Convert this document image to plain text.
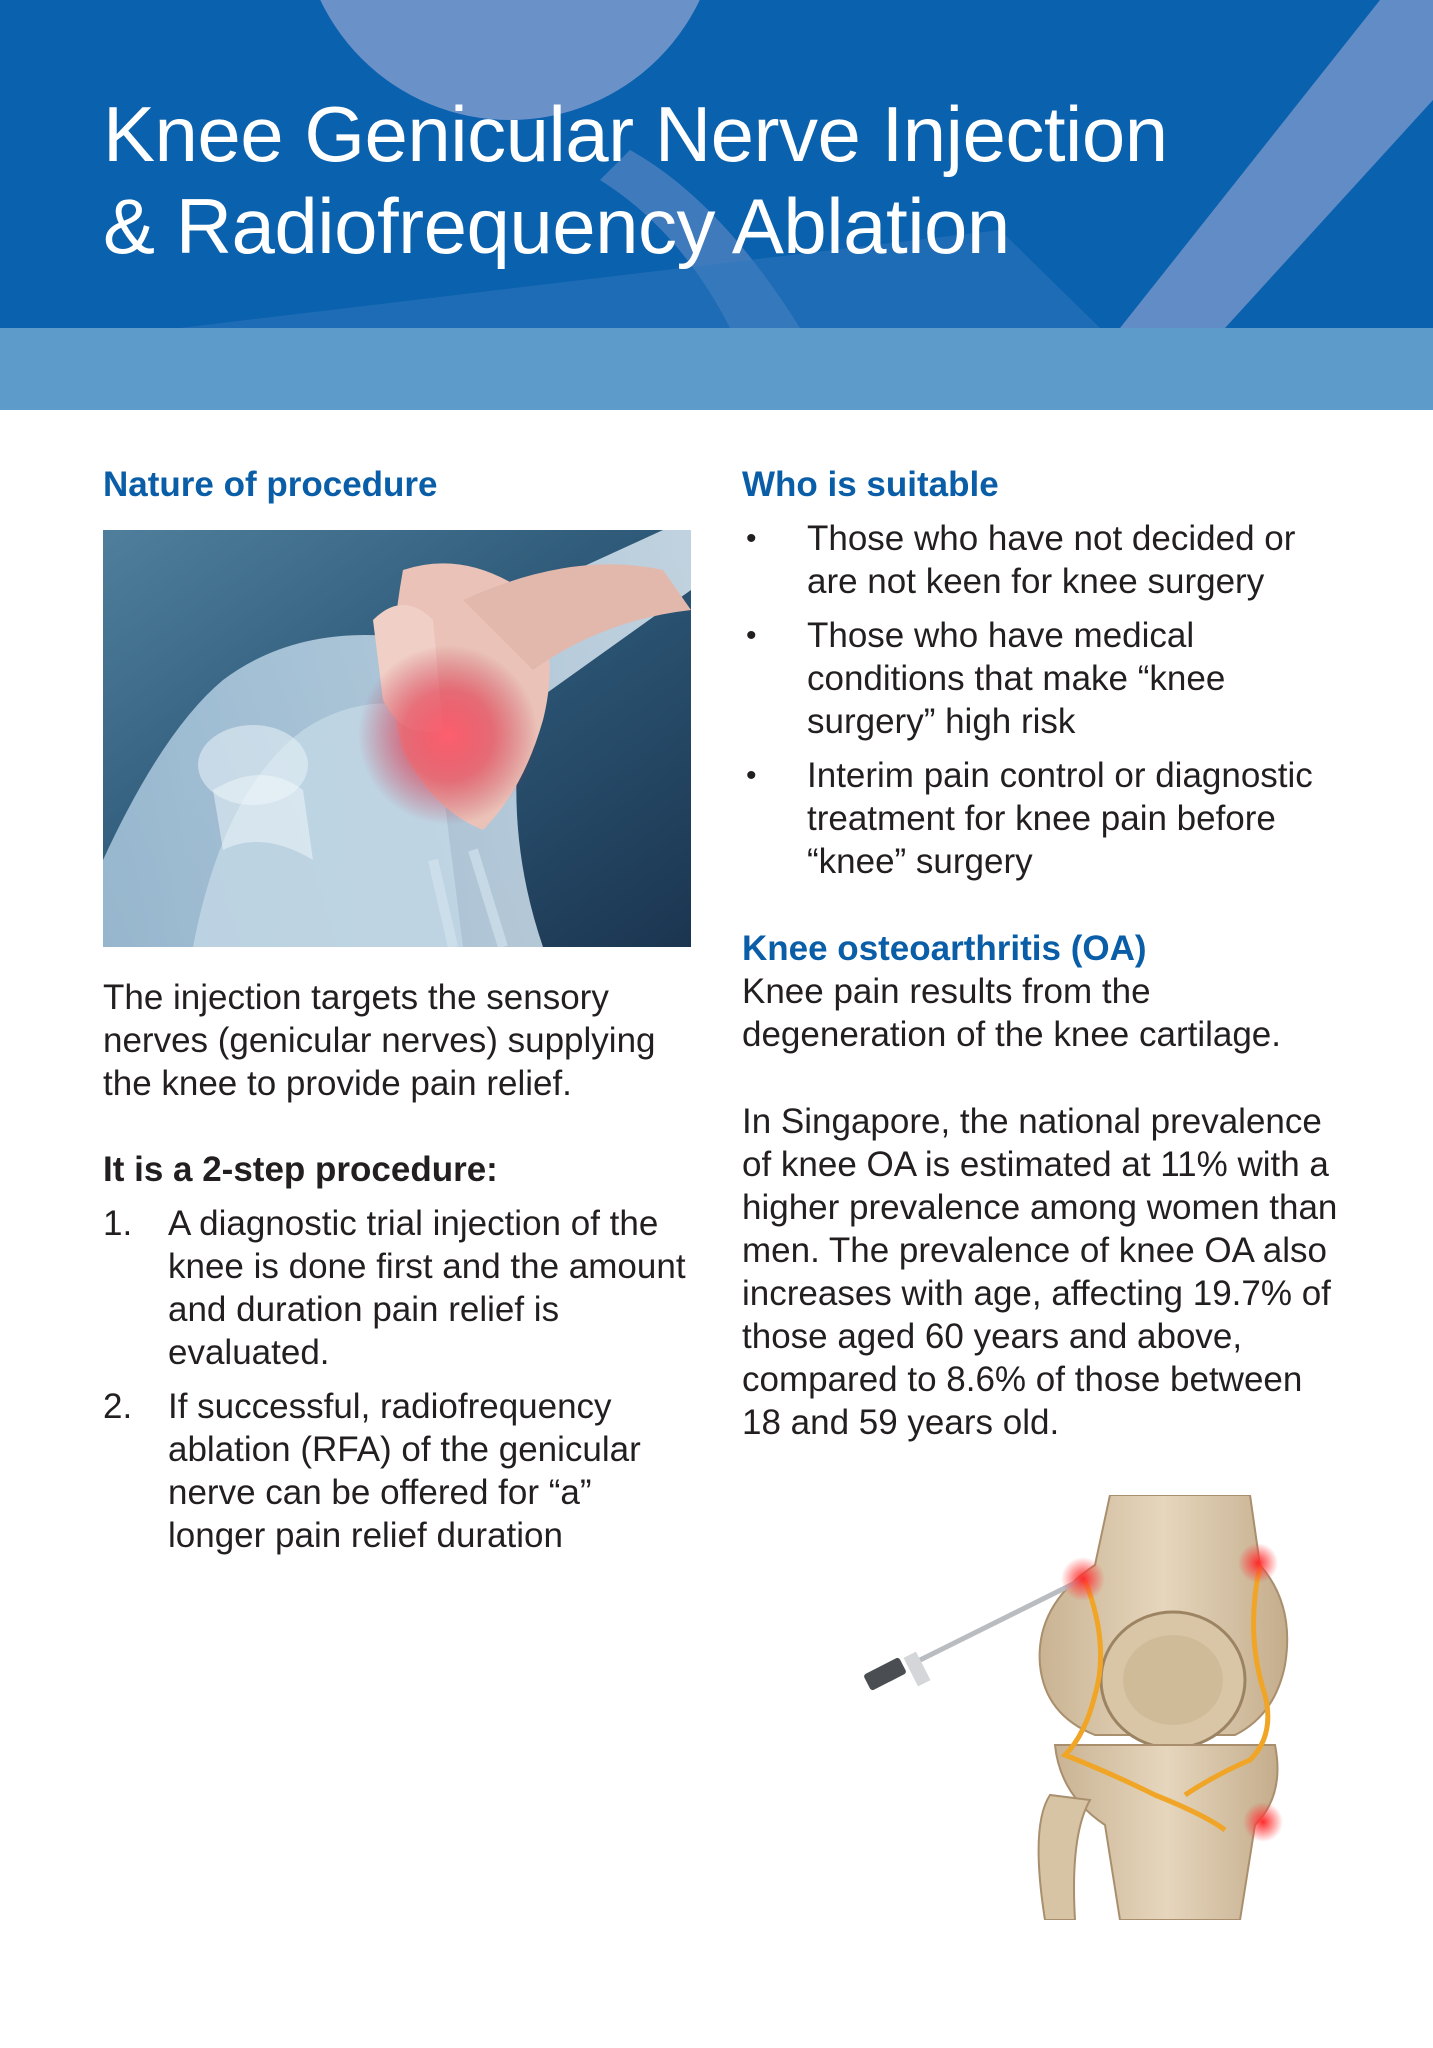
Knee Genicular Nerve Injection
& Radiofrequency Ablation
Nature of procedure

The injection targets the sensory nerves (genicular nerves) supplying the knee to provide pain relief.

It is a 2-step procedure:

1. A diagnostic trial injection of the knee is done first and the amount and duration pain relief is evaluated.
2. If successful, radiofrequency ablation (RFA) of the genicular nerve can be offered for “a” longer pain relief duration
Who is suitable
• Those who have not decided or are not keen for knee surgery
• Those who have medical conditions that make “knee surgery” high risk
• Interim pain control or diagnostic treatment for knee pain before “knee” surgery
Knee osteoarthritis (OA)

Knee pain results from the degeneration of the knee cartilage.

In Singapore, the national prevalence of knee OA is estimated at 11% with a higher prevalence among women than men. The prevalence of knee OA also increases with age, affecting 19.7% of those aged 60 years and above, compared to 8.6% of those between 18 and 59 years old.
